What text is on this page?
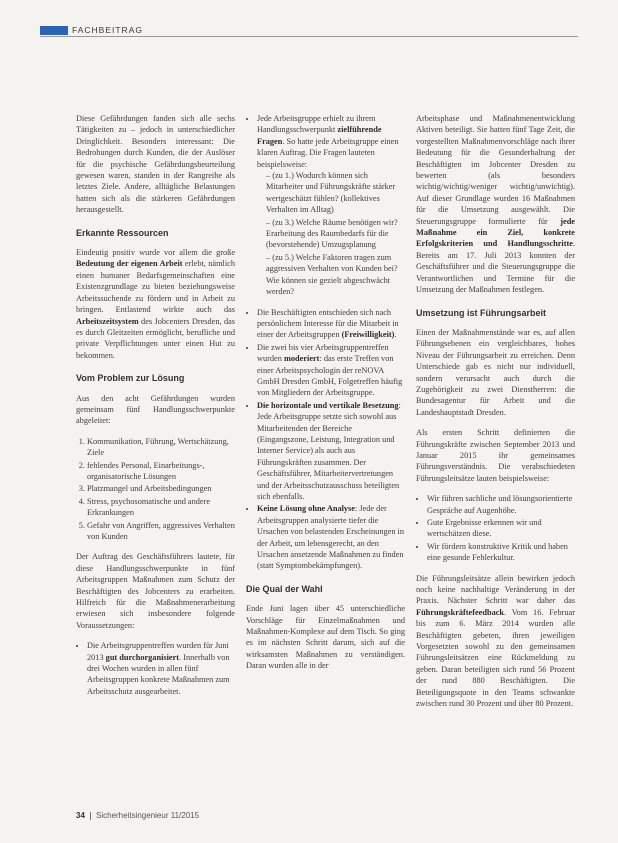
FACHBEITRAG

Diese Gefährdungen fanden sich alle sechs Tätigkeiten zu – jedoch in unterschiedlicher Dringlichkeit. Besonders interessant: Die Bedrohungen durch Kunden, die der Auslöser für die psychische Gefährdungsbeurteilung gewesen waren, standen in der Rangreihe als letztes Ziele. Andere, alltägliche Belastungen hatten sich als die stärkeren Gefährdungen herausgestellt.

Erkannte Ressourcen

Eindeutig positiv wurde vor allem die große Bedeutung der eigenen Arbeit erlebt, nämlich einen humaner Bedarfsgemeinschaften eine Existenzgrundlage zu bieten beziehungsweise Arbeitssuchende zu fördern und in Arbeit zu bringen. Entlastend wirkte auch das Arbeitszeitsystem des Jobcenters Dresden, das es durch Gleitzeiten ermöglicht, berufliche und private Verpflichtungen unter einen Hut zu bekommen.

Vom Problem zur Lösung

Aus den acht Gefährdungen wurden gemeinsam fünf Handlungsschwerpunkte abgeleitet:

1. Kommunikation, Führung, Wertschätzung, Ziele
2. fehlendes Personal, Einarbeitungs-, organisatorische Lösungen
3. Platzmangel und Arbeitsbedingungen
4. Stress, psychosomatische und andere Erkrankungen
5. Gefahr von Angriffen, aggressives Verhalten von Kunden

Der Auftrag des Geschäftsführers lautete, für diese Handlungsschwerpunkte in fünf Arbeitsgruppen Maßnahmen zum Schutz der Beschäftigten des Jobcenters zu erarbeiten. Hilfreich für die Maßnahmenerarbeitung erwiesen sich insbesondere folgende Voraussetzungen:

• Die Arbeitsgruppentreffen wurden für Juni 2013 gut durchorganisiert. Innerhalb von drei Wochen wurden in allen fünf Arbeitsgruppen konkrete Maßnahmen zum Arbeitsschutz ausgearbeitet.
• Jede Arbeitsgruppe erhielt zu ihrem Handlungsschwerpunkt zielführende Fragen. So hatte jede Arbeitsgruppe einen klaren Auftrag. Die Fragen lauteten beispielsweise:
– (zu 1.) Wodurch können sich Mitarbeiter und Führungskräfte stärker wertgeschätzt fühlen? (kollektives Verhalten im Alltag)
– (zu 3.) Welche Räume benötigen wir? Erarbeitung des Raumbedarfs für die (bevorstehende) Umzugsplanung
– (zu 5.) Welche Faktoren tragen zum aggressiven Verhalten von Kunden bei? Wie können sie gezielt abgeschwächt werden?
• Die Beschäftigten entschieden sich nach persönlichem Interesse für die Mitarbeit in einer der Arbeitsgruppen (Freiwilligkeit).
• Die zwei bis vier Arbeitsgruppentreffen wurden moderiert: das erste Treffen von einer Arbeitspsychologin der reNOVA GmbH Dresden GmbH, Folgetreffen häufig von Mitgliedern der Arbeitsgruppe.
• Die horizontale und vertikale Besetzung: Jede Arbeitsgruppe setzte sich sowohl aus Mitarbeitenden der Bereiche (Eingangszone, Leistung, Integration und Interner Service) als auch aus Führungskräften zusammen. Der Geschäftsführer, Mitarbeitervertretungen und der Arbeitsschutzausschuss beteiligten sich ebenfalls.
• Keine Lösung ohne Analyse: Jede der Arbeitsgruppen analysierte tiefer die Ursachen von belastenden Erscheinungen in der Arbeit, um lebensgerecht, an den Ursachen ansetzende Maßnahmen zu finden (statt Symptombekämpfungen).
Die Qual der Wahl

Ende Juni lagen über 45 unterschiedliche Vorschläge für Einzelmaßnahmen und Maßnahmen-Komplexe auf dem Tisch. So ging es im nächsten Schritt darum, sich auf die wirksamsten Maßnahmen zu verständigen. Daran wurden alle in der

Arbeitsphase und Maßnahmenentwicklung Aktiven beteiligt. Sie hatten fünf Tage Zeit, die vorgestellten Maßnahmenvorschläge nach ihrer Bedeutung für die Gesunderhaltung der Beschäftigten im Jobcenter Dresden zu bewerten (als besonders wichtig/wichtig/weniger wichtig/unwichtig). Auf dieser Grundlage wurden 16 Maßnahmen für die Umsetzung ausgewählt. Die Steuerungsgruppe formulierte für jede Maßnahme ein Ziel, konkrete Erfolgskriterien und Handlungsschritte. Bereits am 17. Juli 2013 konnten der Geschäftsführer und die Steuerungsgruppe die Verantwortlichen und Termine für die Umsetzung der Maßnahmen festlegen.

Umsetzung ist Führungsarbeit

Einen der Maßnahmenstände war es, auf allen Führungsebenen ein vergleichbares, hohes Niveau der Führungsarbeit zu erreichen. Denn Unterschiede gab es nicht nur individuell, sondern verursacht auch durch die Zugehörigkeit zu zwei Dienstherren: die Bundesagentur für Arbeit und die Landeshauptstadt Dresden.

Als ersten Schritt definierten die Führungskräfte zwischen September 2013 und Januar 2015 ihr gemeinsames Führungsverständnis. Die verabschiedeten Führungsleitsätze lauten beispielsweise:

• Wir führen sachliche und lösungsorientierte Gespräche auf Augenhöhe.
• Gute Ergebnisse erkennen wir und wertschätzen diese.
• Wir fördern konstruktive Kritik und haben eine gesunde Fehlerkultur.

Die Führungsleitsätze allein bewirken jedoch noch keine nachhaltige Veränderung in der Praxis. Nächster Schritt war daher das Führungskräftefeedback. Vom 16. Februar bis zum 6. März 2014 wurden alle Beschäftigten gebeten, ihren jeweiligen Vorgesetzten sowohl zu den gemeinsamen Führungsleitsätzen eine Rückmeldung zu geben. Daran beteiligten sich rund 56 Prozent der rund 880 Beschäftigten. Die Beteiligungsquote in den Teams schwankte zwischen rund 30 Prozent und über 80 Prozent.

34 Sicherheitsingenieur 11/2015
